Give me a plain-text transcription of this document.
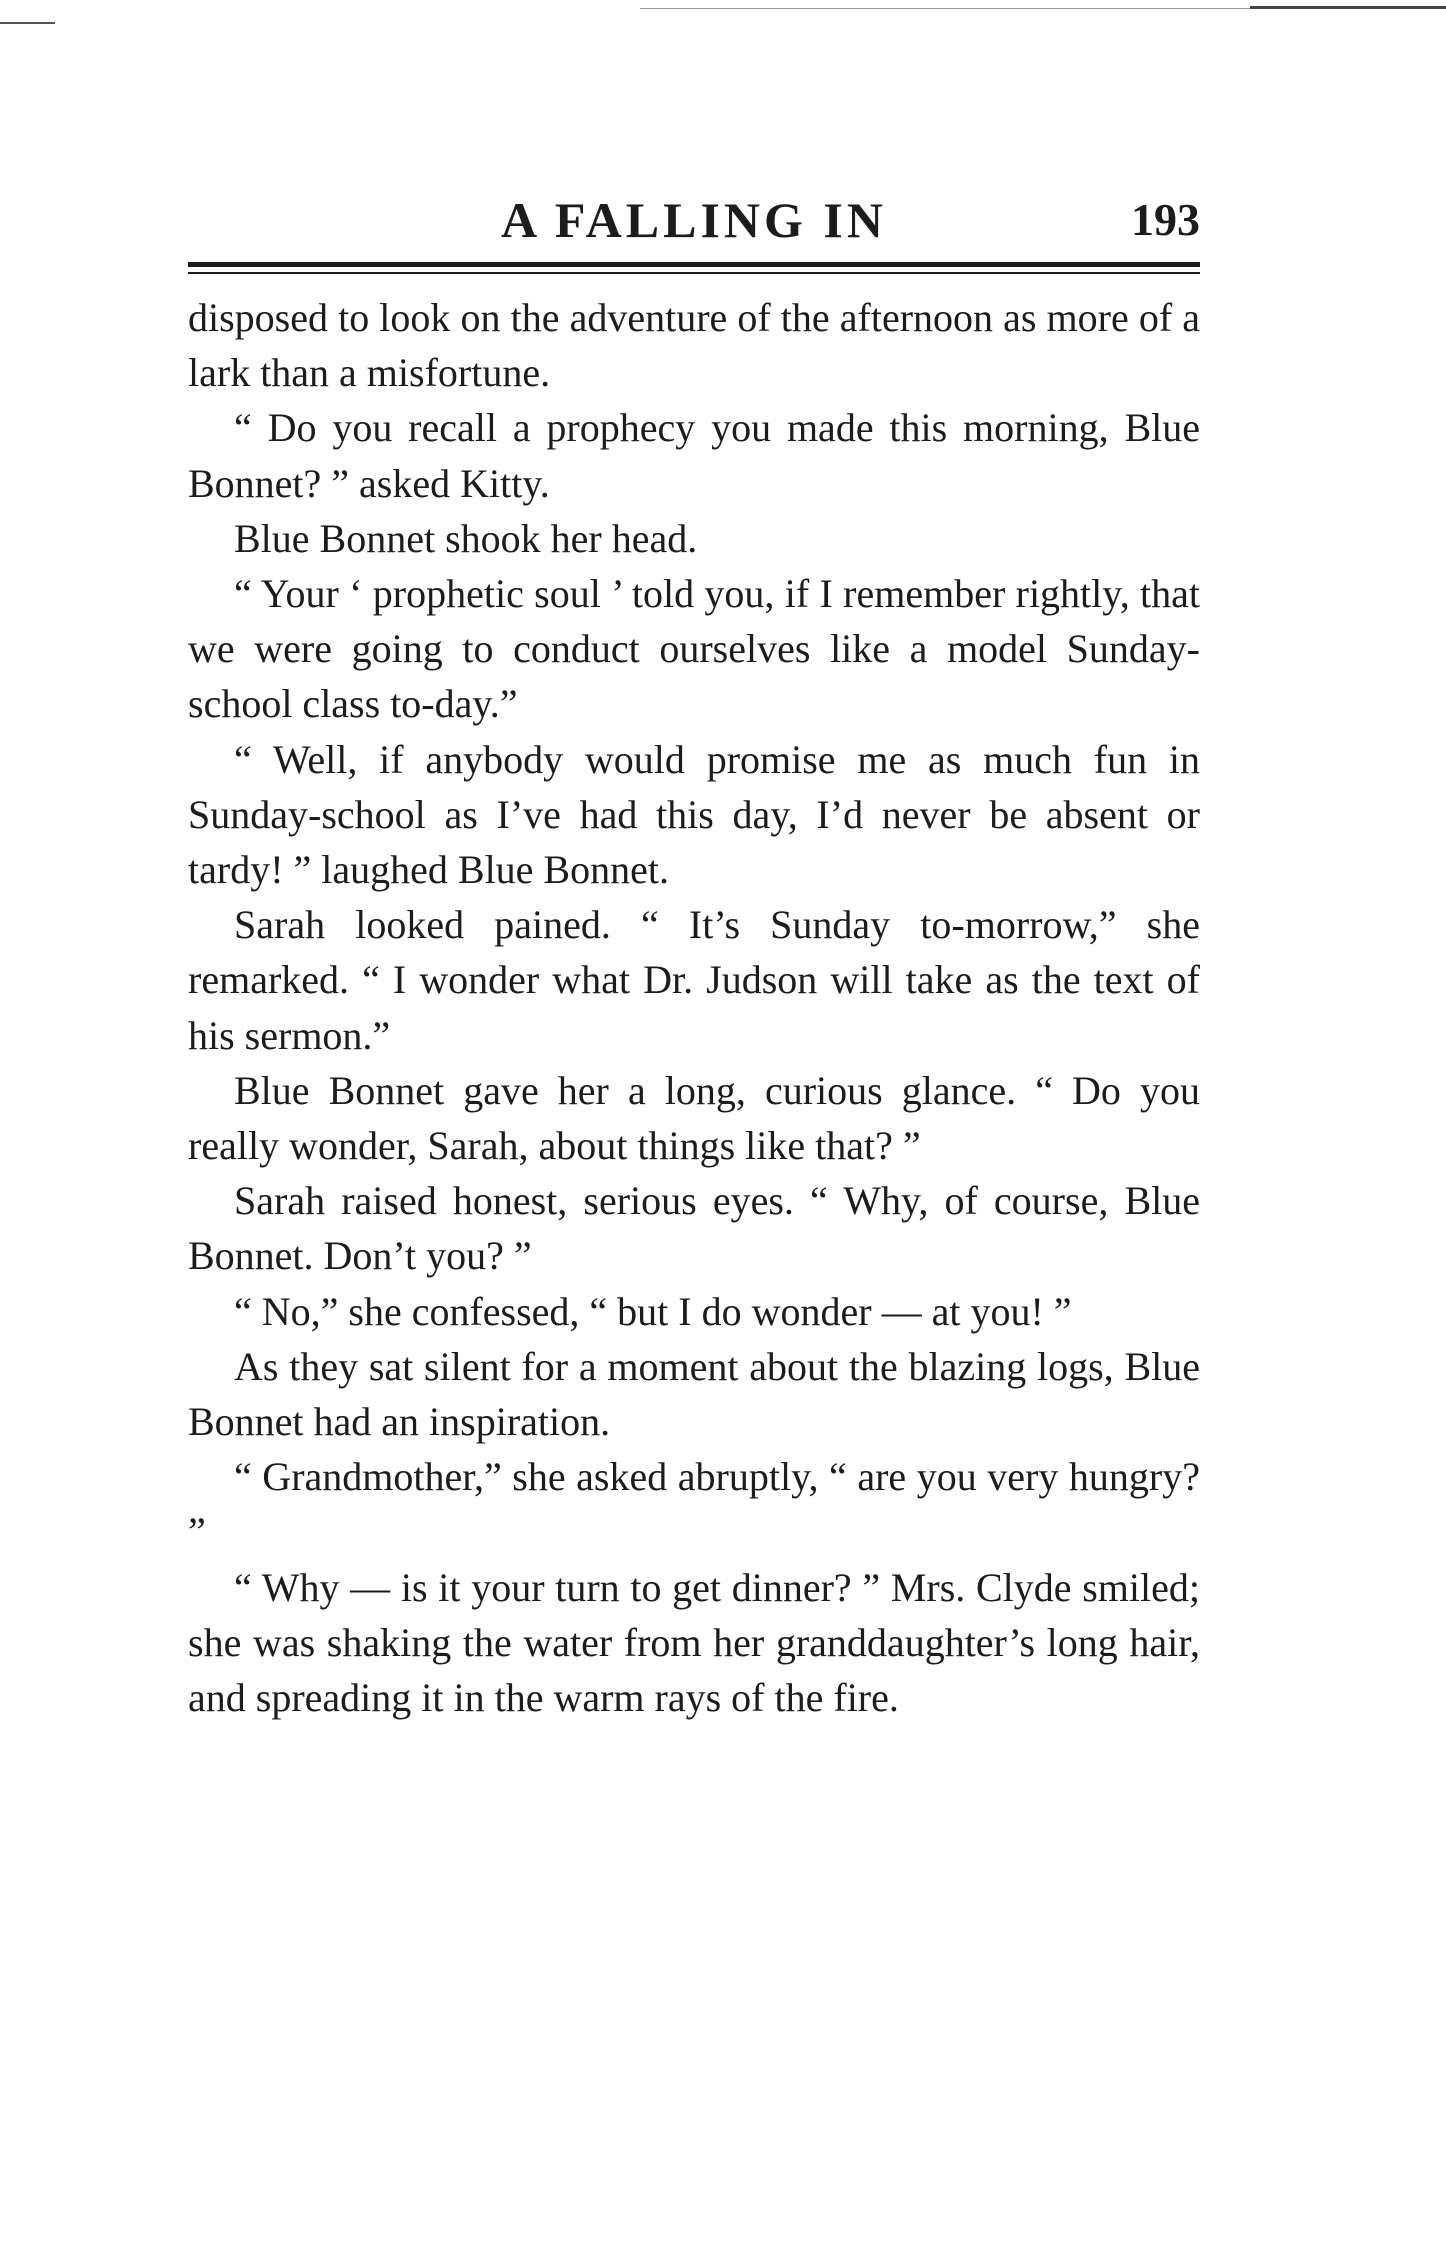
A FALLING IN	193

disposed to look on the adventure of the afternoon as more of a lark than a misfortune.

“ Do you recall a prophecy you made this morning, Blue Bonnet? ” asked Kitty.

Blue Bonnet shook her head.

“ Your ‘ prophetic soul ’ told you, if I remember rightly, that we were going to conduct ourselves like a model Sunday-school class to-day.”

“ Well, if anybody would promise me as much fun in Sunday-school as I’ve had this day, I’d never be absent or tardy! ” laughed Blue Bonnet.

Sarah looked pained. “ It’s Sunday to-morrow,” she remarked. “ I wonder what Dr. Judson will take as the text of his sermon.”

Blue Bonnet gave her a long, curious glance. “ Do you really wonder, Sarah, about things like that? ”

Sarah raised honest, serious eyes. “ Why, of course, Blue Bonnet. Don’t you? ”

“ No,” she confessed, “ but I do wonder — at you! ”

As they sat silent for a moment about the blazing logs, Blue Bonnet had an inspiration.

“ Grandmother,” she asked abruptly, “ are you very hungry? ”

“ Why — is it your turn to get dinner? ” Mrs. Clyde smiled; she was shaking the water from her granddaughter’s long hair, and spreading it in the warm rays of the fire.
